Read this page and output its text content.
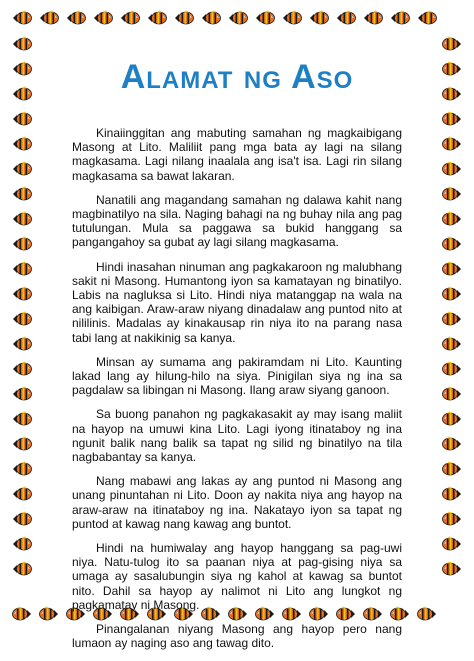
Alamat ng Aso

Kinaiinggitan ang mabuting samahan ng magkaibigang Masong at Lito. Maliliit pang mga bata ay lagi na silang magkasama. Lagi nilang inaalala ang isa't isa. Lagi rin silang magkasama sa bawat lakaran.

Nanatili ang magandang samahan ng dalawa kahit nang magbinatilyo na sila. Naging bahagi na ng buhay nila ang pag tutulungan. Mula sa paggawa sa bukid hanggang sa pangangahoy sa gubat ay lagi silang magkasama.

Hindi inasahan ninuman ang pagkakaroon ng malubhang sakit ni Masong. Humantong iyon sa kamatayan ng binatilyo. Labis na nagluksa si Lito. Hindi niya matanggap na wala na ang kaibigan. Araw-araw niyang dinadalaw ang puntod nito at nililinis. Madalas ay kinakausap rin niya ito na parang nasa tabi lang at nakikinig sa kanya.

Minsan ay sumama ang pakiramdam ni Lito. Kaunting lakad lang ay hilung-hilo na siya. Pinigilan siya ng ina sa pagdalaw sa libingan ni Masong. Ilang araw siyang ganoon.

Sa buong panahon ng pagkakasakit ay may isang maliit na hayop na umuwi kina Lito. Lagi iyong itinataboy ng ina ngunit balik nang balik sa tapat ng silid ng binatilyo na tila nagbabantay sa kanya.

Nang mabawi ang lakas ay ang puntod ni Masong ang unang pinuntahan ni Lito. Doon ay nakita niya ang hayop na araw-araw na itinataboy ng ina. Nakatayo iyon sa tapat ng puntod at kawag nang kawag ang buntot.

Hindi na humiwalay ang hayop hanggang sa pag-uwi niya. Natu-tulog ito sa paanan niya at pag-gising niya sa umaga ay sasalubungin siya ng kahol at kawag sa buntot nito. Dahil sa hayop ay nalimot ni Lito ang lungkot ng pagkamatay ni Masong.

Pinangalanan niyang Masong ang hayop pero nang lumaon ay naging aso ang tawag dito.
